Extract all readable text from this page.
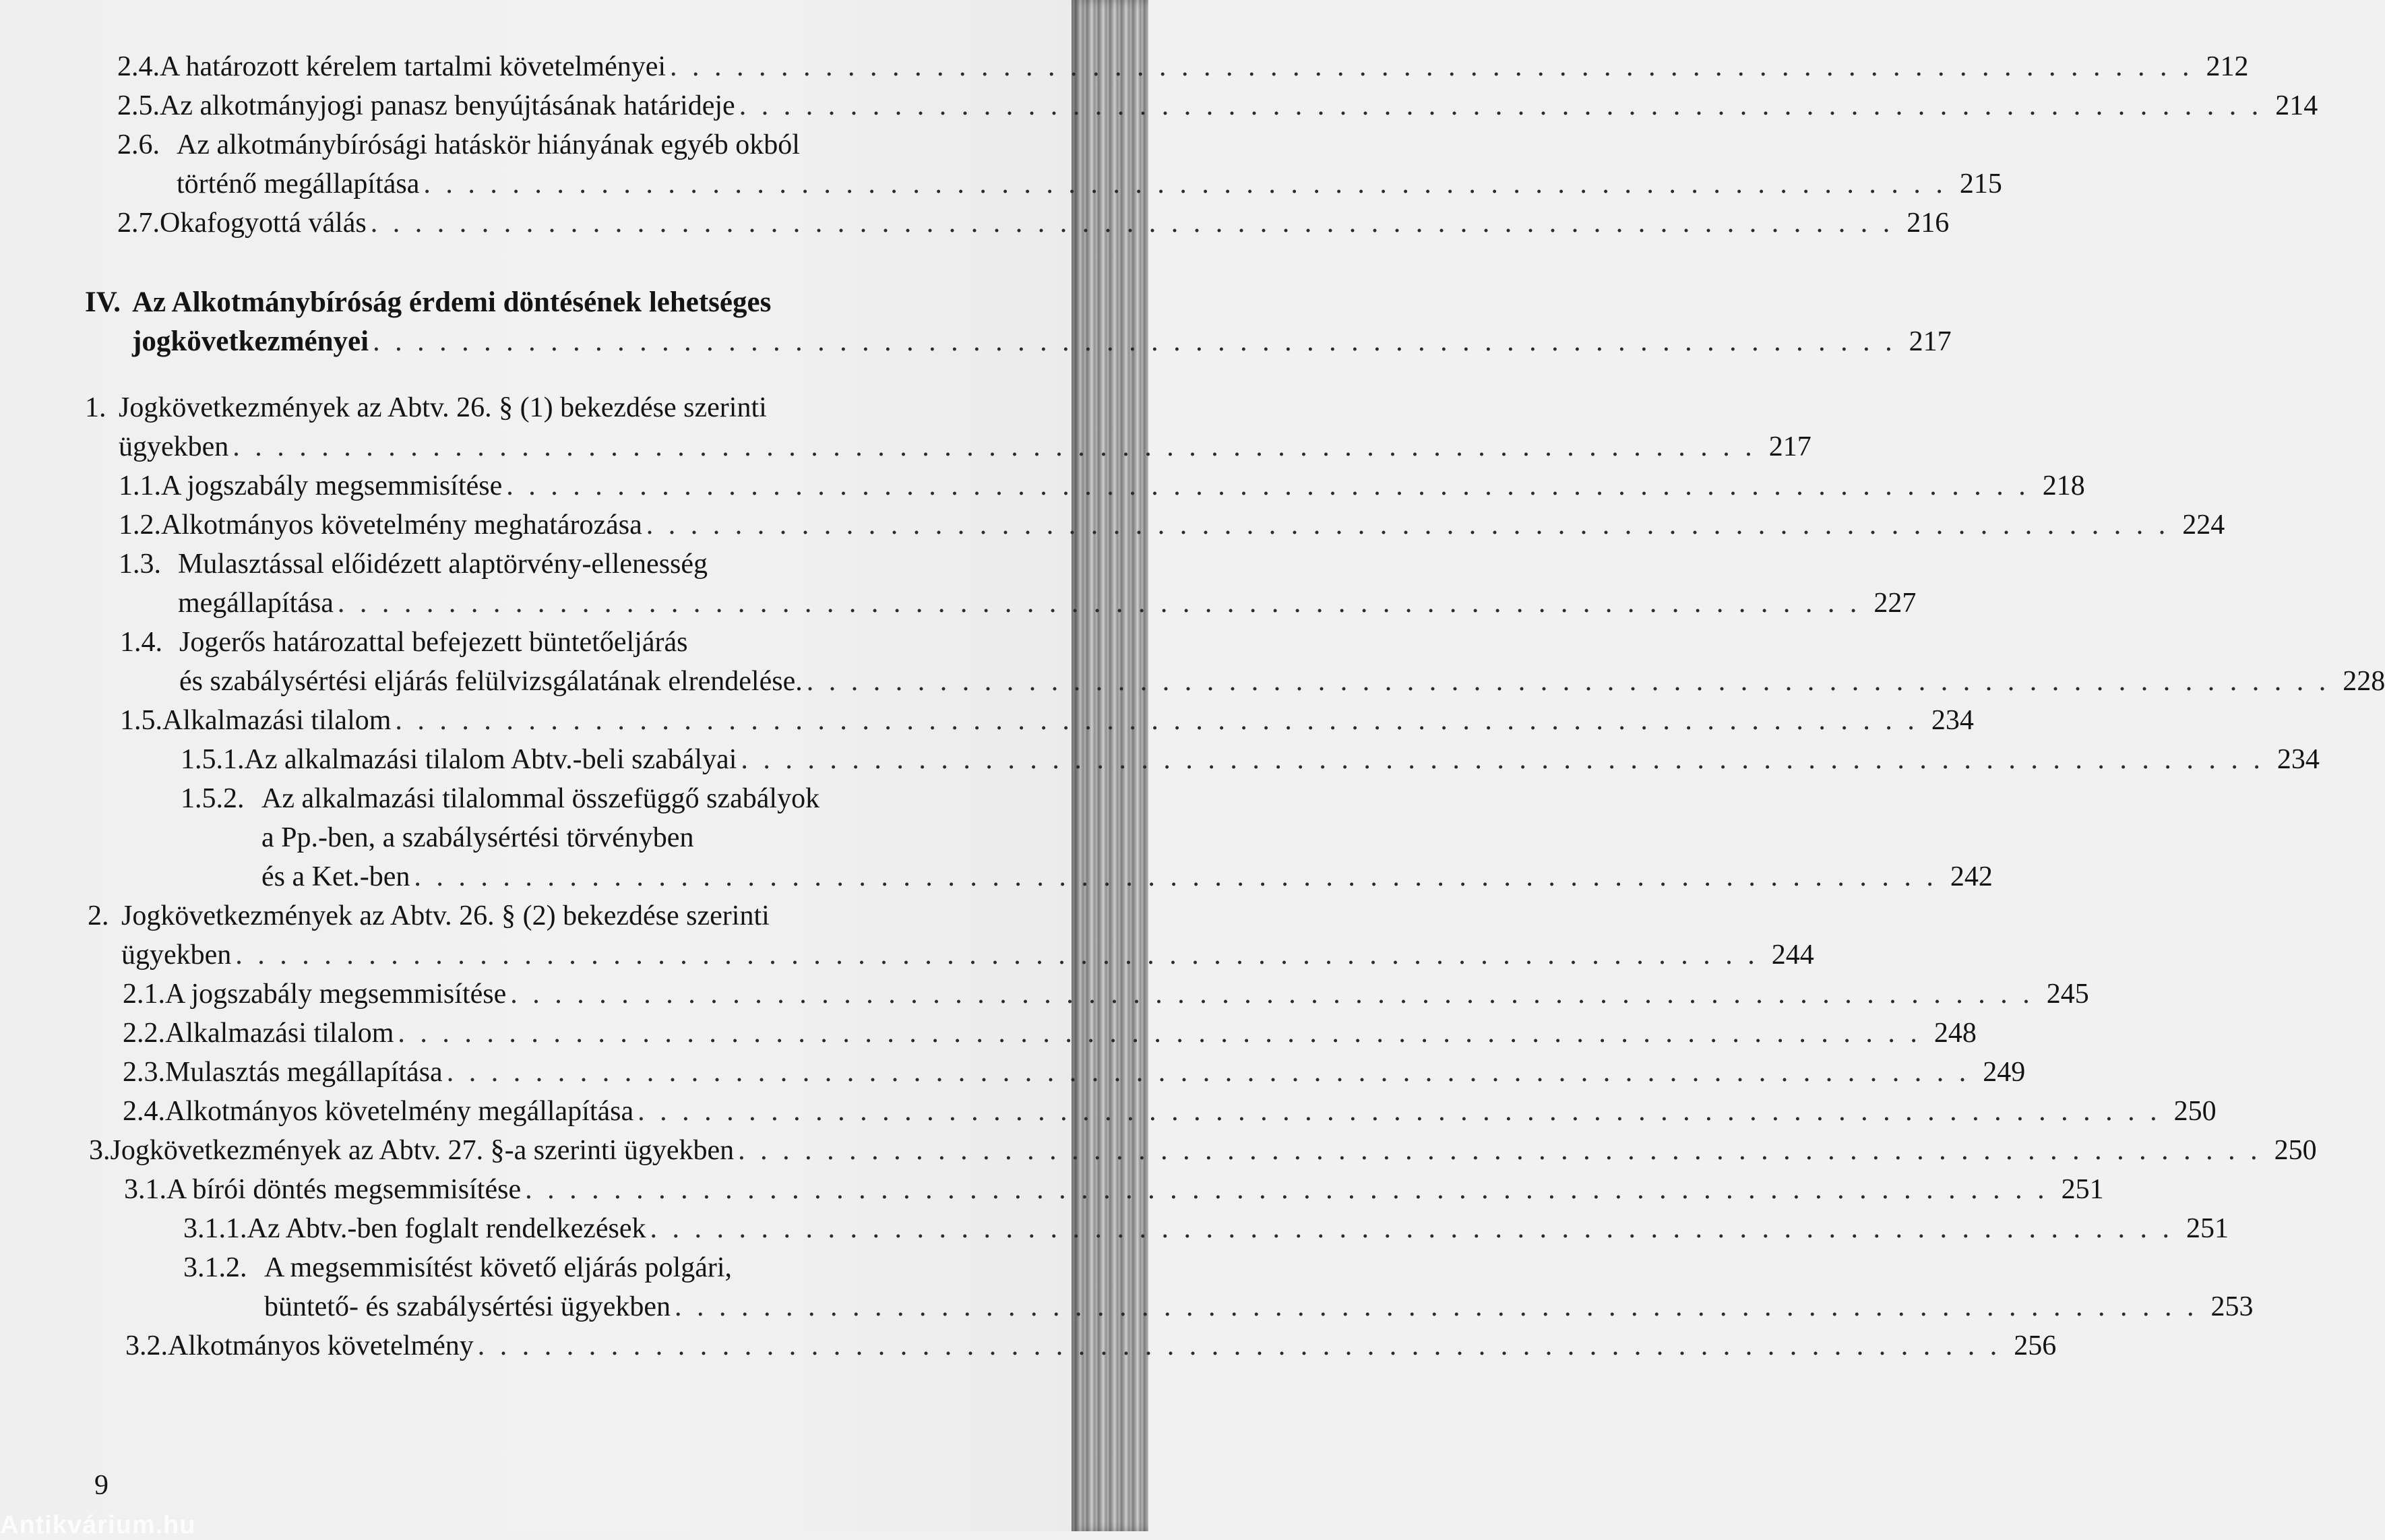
2.4. A határozott kérelem tartalmi követelményei . . . . . . . . . . . . . . . . . . . . . . . . . . . . . . . . . . . . . . . . . . . . . . . . . . . . . . . . . . . . . . . . . . . . . 212
2.5. Az alkotmányjogi panasz benyújtásának határideje . . . . . . . . . . . . . . . . . . . . . . . . . . . . . . . . . . . . . . . . . . . . . . . . . . . . . . . . . . . . . . . . . . . . . 214
2.6. Az alkotmánybírósági hatáskör hiányának egyéb okból
történő megállapítása . . . . . . . . . . . . . . . . . . . . . . . . . . . . . . . . . . . . . . . . . . . . . . . . . . . . . . . . . . . . . . . . . . . . . 215
2.7. Okafogyottá válás . . . . . . . . . . . . . . . . . . . . . . . . . . . . . . . . . . . . . . . . . . . . . . . . . . . . . . . . . . . . . . . . . . . . . 216
IV. Az Alkotmánybíróság érdemi döntésének lehetséges
jogkövetkezményei . . . . . . . . . . . . . . . . . . . . . . . . . . . . . . . . . . . . . . . . . . . . . . . . . . . . . . . . . . . . . . . . . . . . . 217
1. Jogkövetkezmények az Abtv. 26. § (1) bekezdése szerinti
ügyekben . . . . . . . . . . . . . . . . . . . . . . . . . . . . . . . . . . . . . . . . . . . . . . . . . . . . . . . . . . . . . . . . . . . . . 217
1.1. A jogszabály megsemmisítése . . . . . . . . . . . . . . . . . . . . . . . . . . . . . . . . . . . . . . . . . . . . . . . . . . . . . . . . . . . . . . . . . . . . . 218
1.2. Alkotmányos követelmény meghatározása . . . . . . . . . . . . . . . . . . . . . . . . . . . . . . . . . . . . . . . . . . . . . . . . . . . . . . . . . . . . . . . . . . . . . 224
1.3. Mulasztással előidézett alaptörvény-ellenesség
megállapítása . . . . . . . . . . . . . . . . . . . . . . . . . . . . . . . . . . . . . . . . . . . . . . . . . . . . . . . . . . . . . . . . . . . . . 227
1.4. Jogerős határozattal befejezett büntetőeljárás
és szabálysértési eljárás felülvizsgálatának elrendelése. . . . . . . . . . . . . . . . . . . . . . . . . . . . . . . . . . . . . . . . . . . . . . . . . . . . . . . . . . . . . . . . . . . . . . 228
1.5. Alkalmazási tilalom . . . . . . . . . . . . . . . . . . . . . . . . . . . . . . . . . . . . . . . . . . . . . . . . . . . . . . . . . . . . . . . . . . . . . 234
1.5.1. Az alkalmazási tilalom Abtv.-beli szabályai . . . . . . . . . . . . . . . . . . . . . . . . . . . . . . . . . . . . . . . . . . . . . . . . . . . . . . . . . . . . . . . . . . . . . 234
1.5.2. Az alkalmazási tilalommal összefüggő szabályok
a Pp.-ben, a szabálysértési törvényben
és a Ket.-ben . . . . . . . . . . . . . . . . . . . . . . . . . . . . . . . . . . . . . . . . . . . . . . . . . . . . . . . . . . . . . . . . . . . . . 242
2. Jogkövetkezmények az Abtv. 26. § (2) bekezdése szerinti
ügyekben . . . . . . . . . . . . . . . . . . . . . . . . . . . . . . . . . . . . . . . . . . . . . . . . . . . . . . . . . . . . . . . . . . . . . 244
2.1. A jogszabály megsemmisítése . . . . . . . . . . . . . . . . . . . . . . . . . . . . . . . . . . . . . . . . . . . . . . . . . . . . . . . . . . . . . . . . . . . . . 245
2.2. Alkalmazási tilalom . . . . . . . . . . . . . . . . . . . . . . . . . . . . . . . . . . . . . . . . . . . . . . . . . . . . . . . . . . . . . . . . . . . . . 248
2.3. Mulasztás megállapítása . . . . . . . . . . . . . . . . . . . . . . . . . . . . . . . . . . . . . . . . . . . . . . . . . . . . . . . . . . . . . . . . . . . . . 249
2.4. Alkotmányos követelmény megállapítása . . . . . . . . . . . . . . . . . . . . . . . . . . . . . . . . . . . . . . . . . . . . . . . . . . . . . . . . . . . . . . . . . . . . . 250
3. Jogkövetkezmények az Abtv. 27. §-a szerinti ügyekben . . . . . . . . . . . . . . . . . . . . . . . . . . . . . . . . . . . . . . . . . . . . . . . . . . . . . . . . . . . . . . . . . . . . . 250
3.1. A bírói döntés megsemmisítése . . . . . . . . . . . . . . . . . . . . . . . . . . . . . . . . . . . . . . . . . . . . . . . . . . . . . . . . . . . . . . . . . . . . . 251
3.1.1. Az Abtv.-ben foglalt rendelkezések . . . . . . . . . . . . . . . . . . . . . . . . . . . . . . . . . . . . . . . . . . . . . . . . . . . . . . . . . . . . . . . . . . . . . 251
3.1.2. A megsemmisítést követő eljárás polgári,
büntető- és szabálysértési ügyekben . . . . . . . . . . . . . . . . . . . . . . . . . . . . . . . . . . . . . . . . . . . . . . . . . . . . . . . . . . . . . . . . . . . . . 253
3.2. Alkotmányos követelmény . . . . . . . . . . . . . . . . . . . . . . . . . . . . . . . . . . . . . . . . . . . . . . . . . . . . . . . . . . . . . . . . . . . . . 256
9
Antikvárium.hu
